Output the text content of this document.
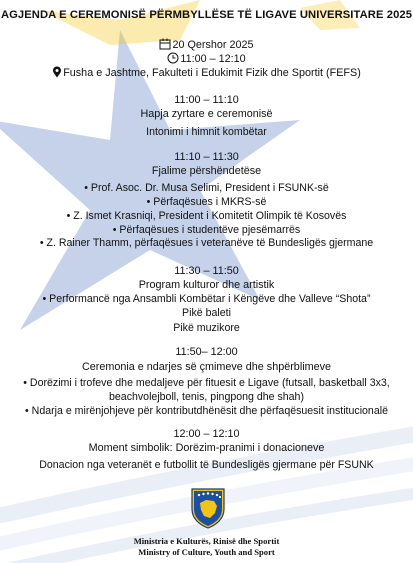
AGJENDA E CEREMONISË PËRMBYLLËSE TË LIGAVE UNIVERSITARE 2025
20 Qershor 2025
11:00 – 12:10
Fusha e Jashtme, Fakulteti i Edukimit Fizik dhe Sportit (FEFS)
11:00 – 11:10
Hapja zyrtare e ceremonisë
Intonimi i himnit kombëtar
11:10 – 11:30
Fjalime përshëndetëse
• Prof. Asoc. Dr. Musa Selimi, President i FSUNK-së
• Përfaqësues i MKRS-së
• Z. Ismet Krasniqi, President i Komitetit Olimpik të Kosovës
• Përfaqësues i studentëve pjesëmarrës
• Z. Rainer Thamm, përfaqësues i veteranëve të Bundesligës gjermane
11:30 – 11:50
Program kulturor dhe artistik
• Performancë nga Ansambli Kombëtar i Këngëve dhe Valleve “Shota”
Pikë baleti
Pikë muzikore
11:50– 12:00
Ceremonia e ndarjes së çmimeve dhe shpërblimeve
• Dorëzimi i trofeve dhe medaljeve për fituesit e Ligave (futsall, basketball 3x3,
beachvolejboll, tenis, pingpong dhe shah)
• Ndarja e mirënjohjeve për kontributdhënësit dhe përfaqësuesit institucionalë
12:00 – 12:10
Moment simbolik: Dorëzim-pranimi i donacioneve
Donacion nga veteranët e futbollit të Bundesligës gjermane për FSUNK
Ministria e Kulturës, Rinisë dhe Sportit
Ministry of Culture, Youth and Sport
